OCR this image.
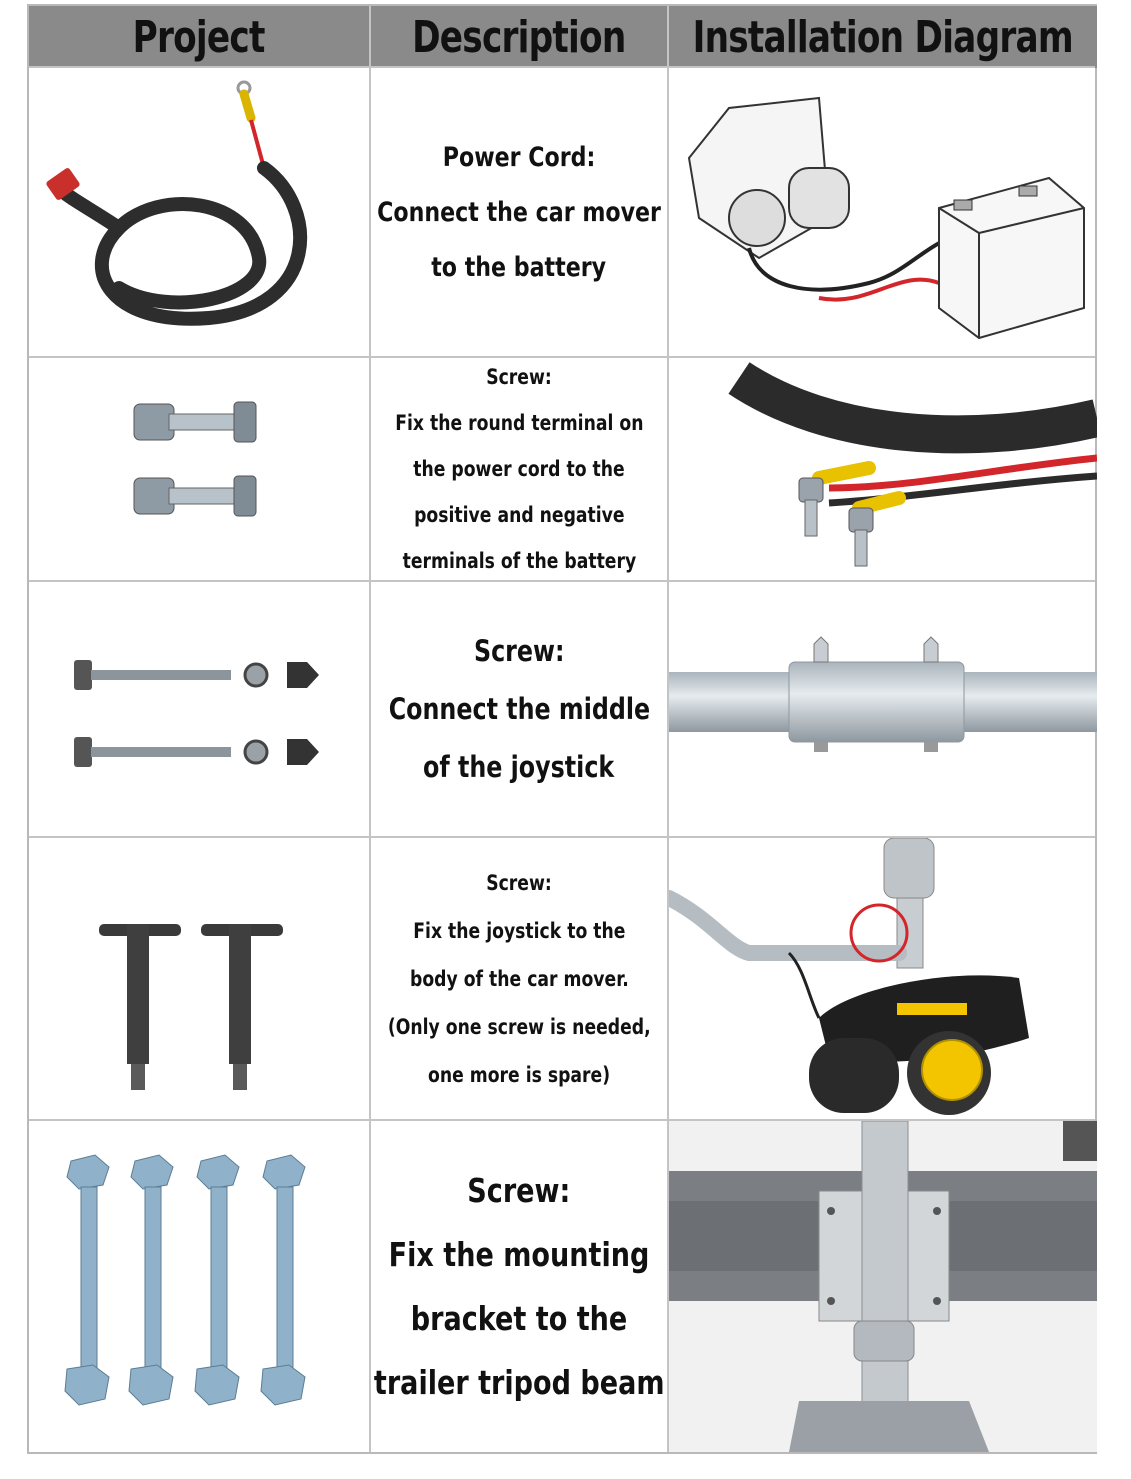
Project	Description Installation Diagram
Power Cord:
Connect the car mover
to the battery
Screw:
Fix the round terminal on
the power cord to the
positive and negative
terminals of the battery
Screw:
Connect the middle
of the joystick
Screw:
Fix the joystick to the
body of the car mover.
(Only one screw is needed,
one more is spare)
Screw:
Fix the mounting
bracket to the
trailer tripod beam
